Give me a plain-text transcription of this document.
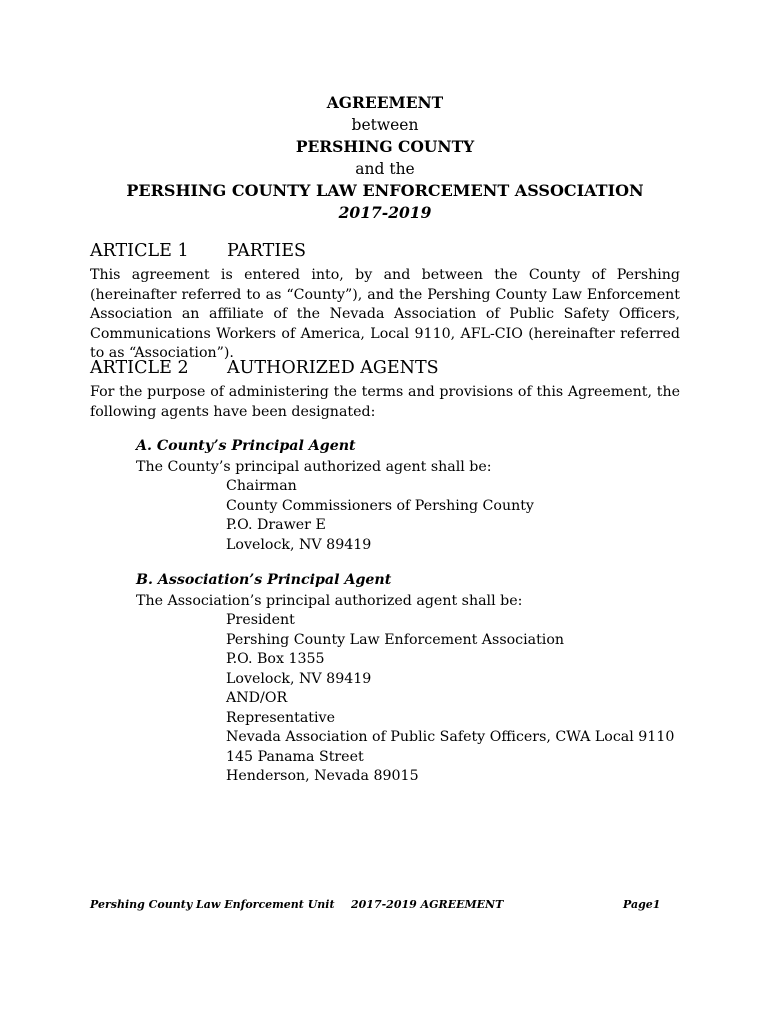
AGREEMENT
between
PERSHING COUNTY
and the
PERSHING COUNTY LAW ENFORCEMENT ASSOCIATION
2017-2019
ARTICLE 1 PARTIES
This agreement is entered into, by and between the County of Pershing (hereinafter referred to as “County”), and the Pershing County Law Enforcement Association an affiliate of the Nevada Association of Public Safety Officers, Communications Workers of America, Local 9110, AFL-CIO (hereinafter referred to as “Association”).
ARTICLE 2 AUTHORIZED AGENTS
For the purpose of administering the terms and provisions of this Agreement, the following agents have been designated:
A. County’s Principal Agent
The County’s principal authorized agent shall be:
Chairman
County Commissioners of Pershing County
P.O. Drawer E
Lovelock, NV 89419
B. Association’s Principal Agent
The Association’s principal authorized agent shall be:
President
Pershing County Law Enforcement Association
P.O. Box 1355
Lovelock, NV 89419
AND/OR
Representative
Nevada Association of Public Safety Officers, CWA Local 9110
145 Panama Street
Henderson, Nevada 89015
Pershing County Law Enforcement Unit 2017-2019 AGREEMENT	Page1
